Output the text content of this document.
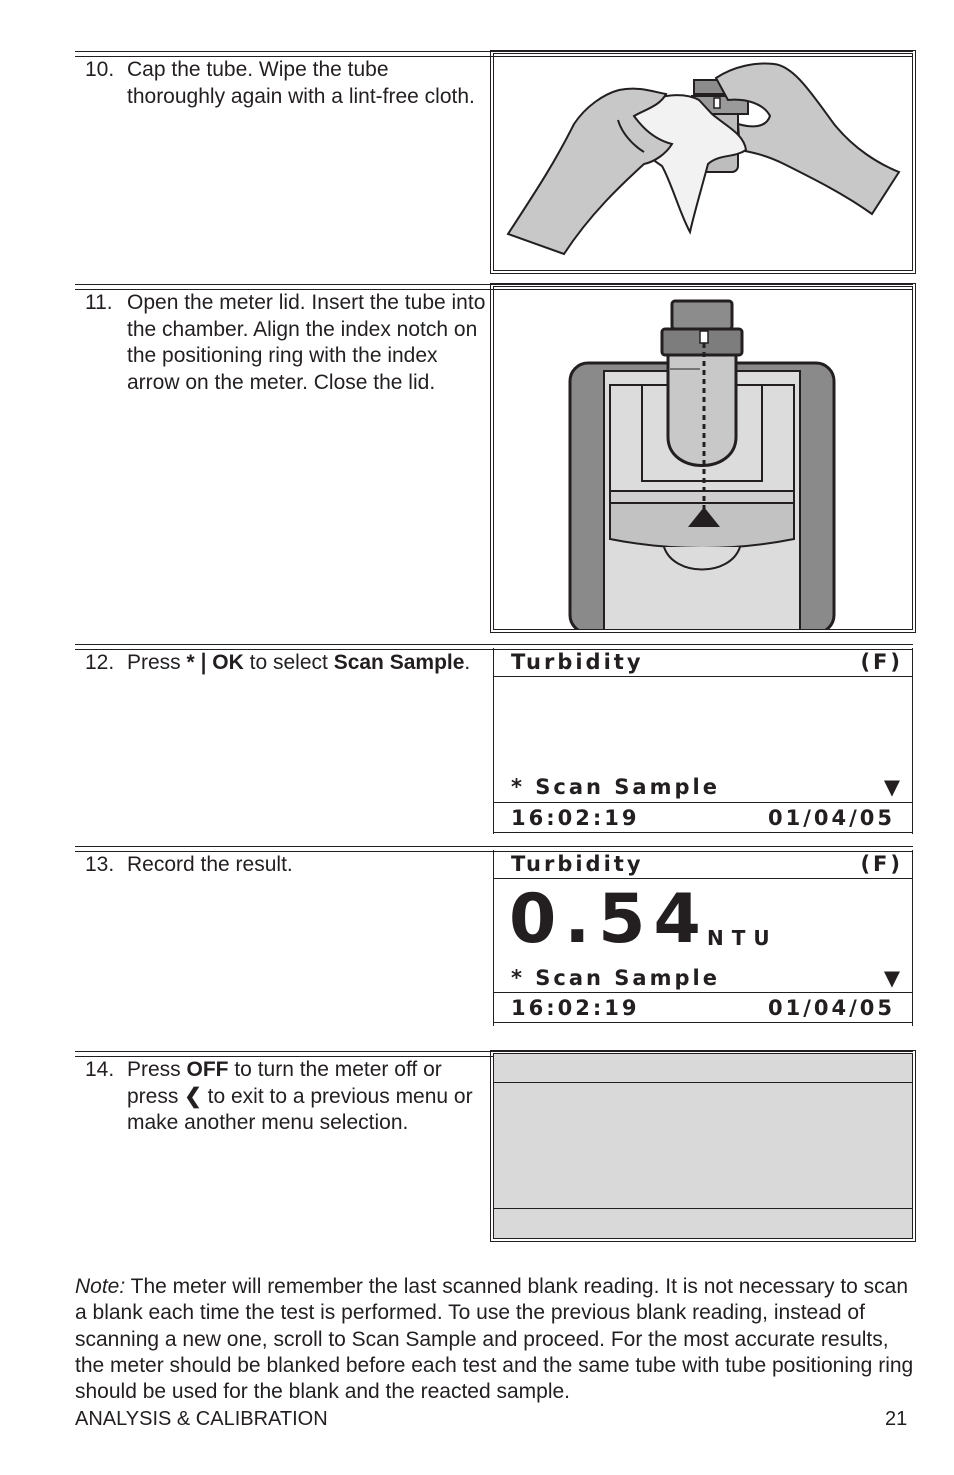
10. Cap the tube. Wipe the tube thoroughly again with a lint-free cloth.
11. Open the meter lid. Insert the tube into the chamber. Align the index notch on the positioning ring with the index arrow on the meter. Close the lid.
12. Press *❘OK to select Scan Sample.	Turbidity	(F)
* Scan Sample	▼
16:02:19	01/04/05
13. Record the result.	Turbidity	(F)
0.54
NTU
* Scan Sample	▼
16:02:19	01/04/05
14. Press OFF to turn the meter off or press ❮ to exit to a previous menu or make another menu selection.
Note: The meter will remember the last scanned blank reading. It is not necessary to scan a blank each time the test is performed. To use the previous blank reading, instead of scanning a new one, scroll to Scan Sample and proceed. For the most accurate results, the meter should be blanked before each test and the same tube with tube positioning ring should be used for the blank and the reacted sample.
ANALYSIS & CALIBRATION	21
